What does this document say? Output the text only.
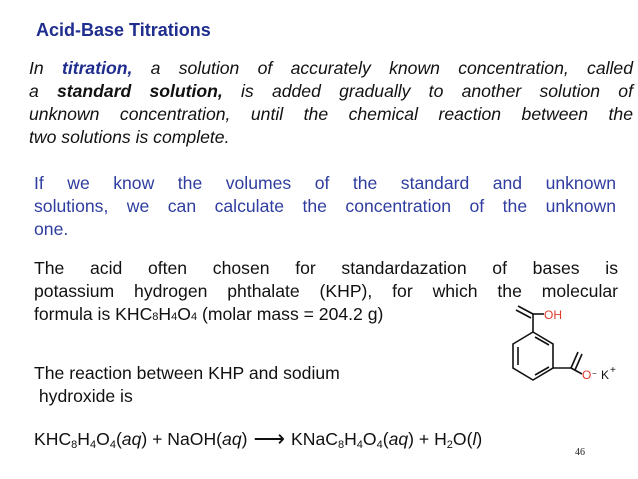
Acid-Base Titrations
In titration, a solution of accurately known concentration, called
a standard solution, is added gradually to another solution of
unknown concentration, until the chemical reaction between the
two solutions is complete.
If we know the volumes of the standard and unknown
solutions, we can calculate the concentration of the unknown
one.
The acid often chosen for standardazation of bases is
potassium hydrogen phthalate (KHP), for which the molecular
formula is KHC8H4O4 (molar mass = 204.2 g)
The reaction between KHP and sodium
hydroxide is
OH
O − K +
$KHC_8H_4O_4(aq)$ + NaOH(aq) ⟶ $KNaC_8H_4O_4(aq) + H_2O(l)$
46
